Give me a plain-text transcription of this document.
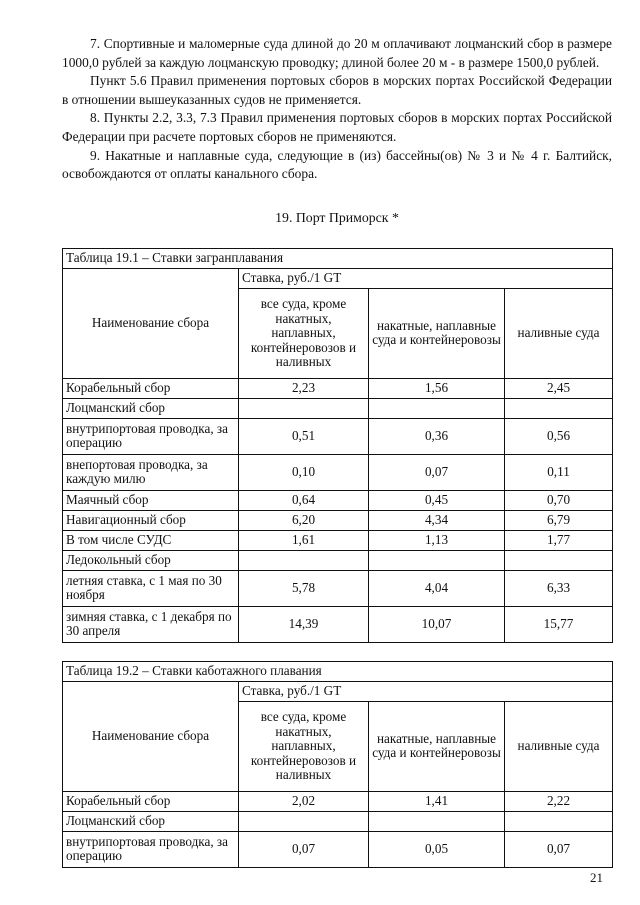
7. Спортивные и маломерные суда длиной до 20 м оплачивают лоцманский сбор в размере 1000,0 рублей за каждую лоцманскую проводку; длиной более 20 м - в размере 1500,0 рублей.

Пункт 5.6 Правил применения портовых сборов в морских портах Российской Федерации в отношении вышеуказанных судов не применяется.

8. Пункты 2.2, 3.3, 7.3 Правил применения портовых сборов в морских портах Российской Федерации при расчете портовых сборов не применяются.

9. Накатные и наплавные суда, следующие в (из) бассейны(ов) № 3 и № 4 г. Балтийск, освобождаются от оплаты канального сбора.

19. Порт Приморск *
Таблица 19.1 – Ставки загранплавания			
Наименование сбора	Ставка, руб./1 GT		
	все суда, кроме накатных, наплавных, контейнеровозов и наливных	накатные, наплавные суда и контейнеровозы	наливные суда
Корабельный сбор	2,23	1,56	2,45
Лоцманский сбор			
внутрипортовая проводка, за операцию	0,51	0,36	0,56
внепортовая проводка, за каждую милю	0,10	0,07	0,11
Маячный сбор	0,64	0,45	0,70
Навигационный сбор	6,20	4,34	6,79
В том числе СУДС	1,61	1,13	1,77
Ледокольный сбор			
летняя ставка, с 1 мая по 30 ноября	5,78	4,04	6,33
зимняя ставка, с 1 декабря по 30 апреля	14,39	10,07	15,77
Таблица 19.2 – Ставки каботажного плавания			
Наименование сбора	Ставка, руб./1 GT		
	все суда, кроме накатных, наплавных, контейнеровозов и наливных	накатные, наплавные суда и контейнеровозы	наливные суда
Корабельный сбор	2,02	1,41	2,22
Лоцманский сбор			
внутрипортовая проводка, за операцию	0,07	0,05	0,07
21
